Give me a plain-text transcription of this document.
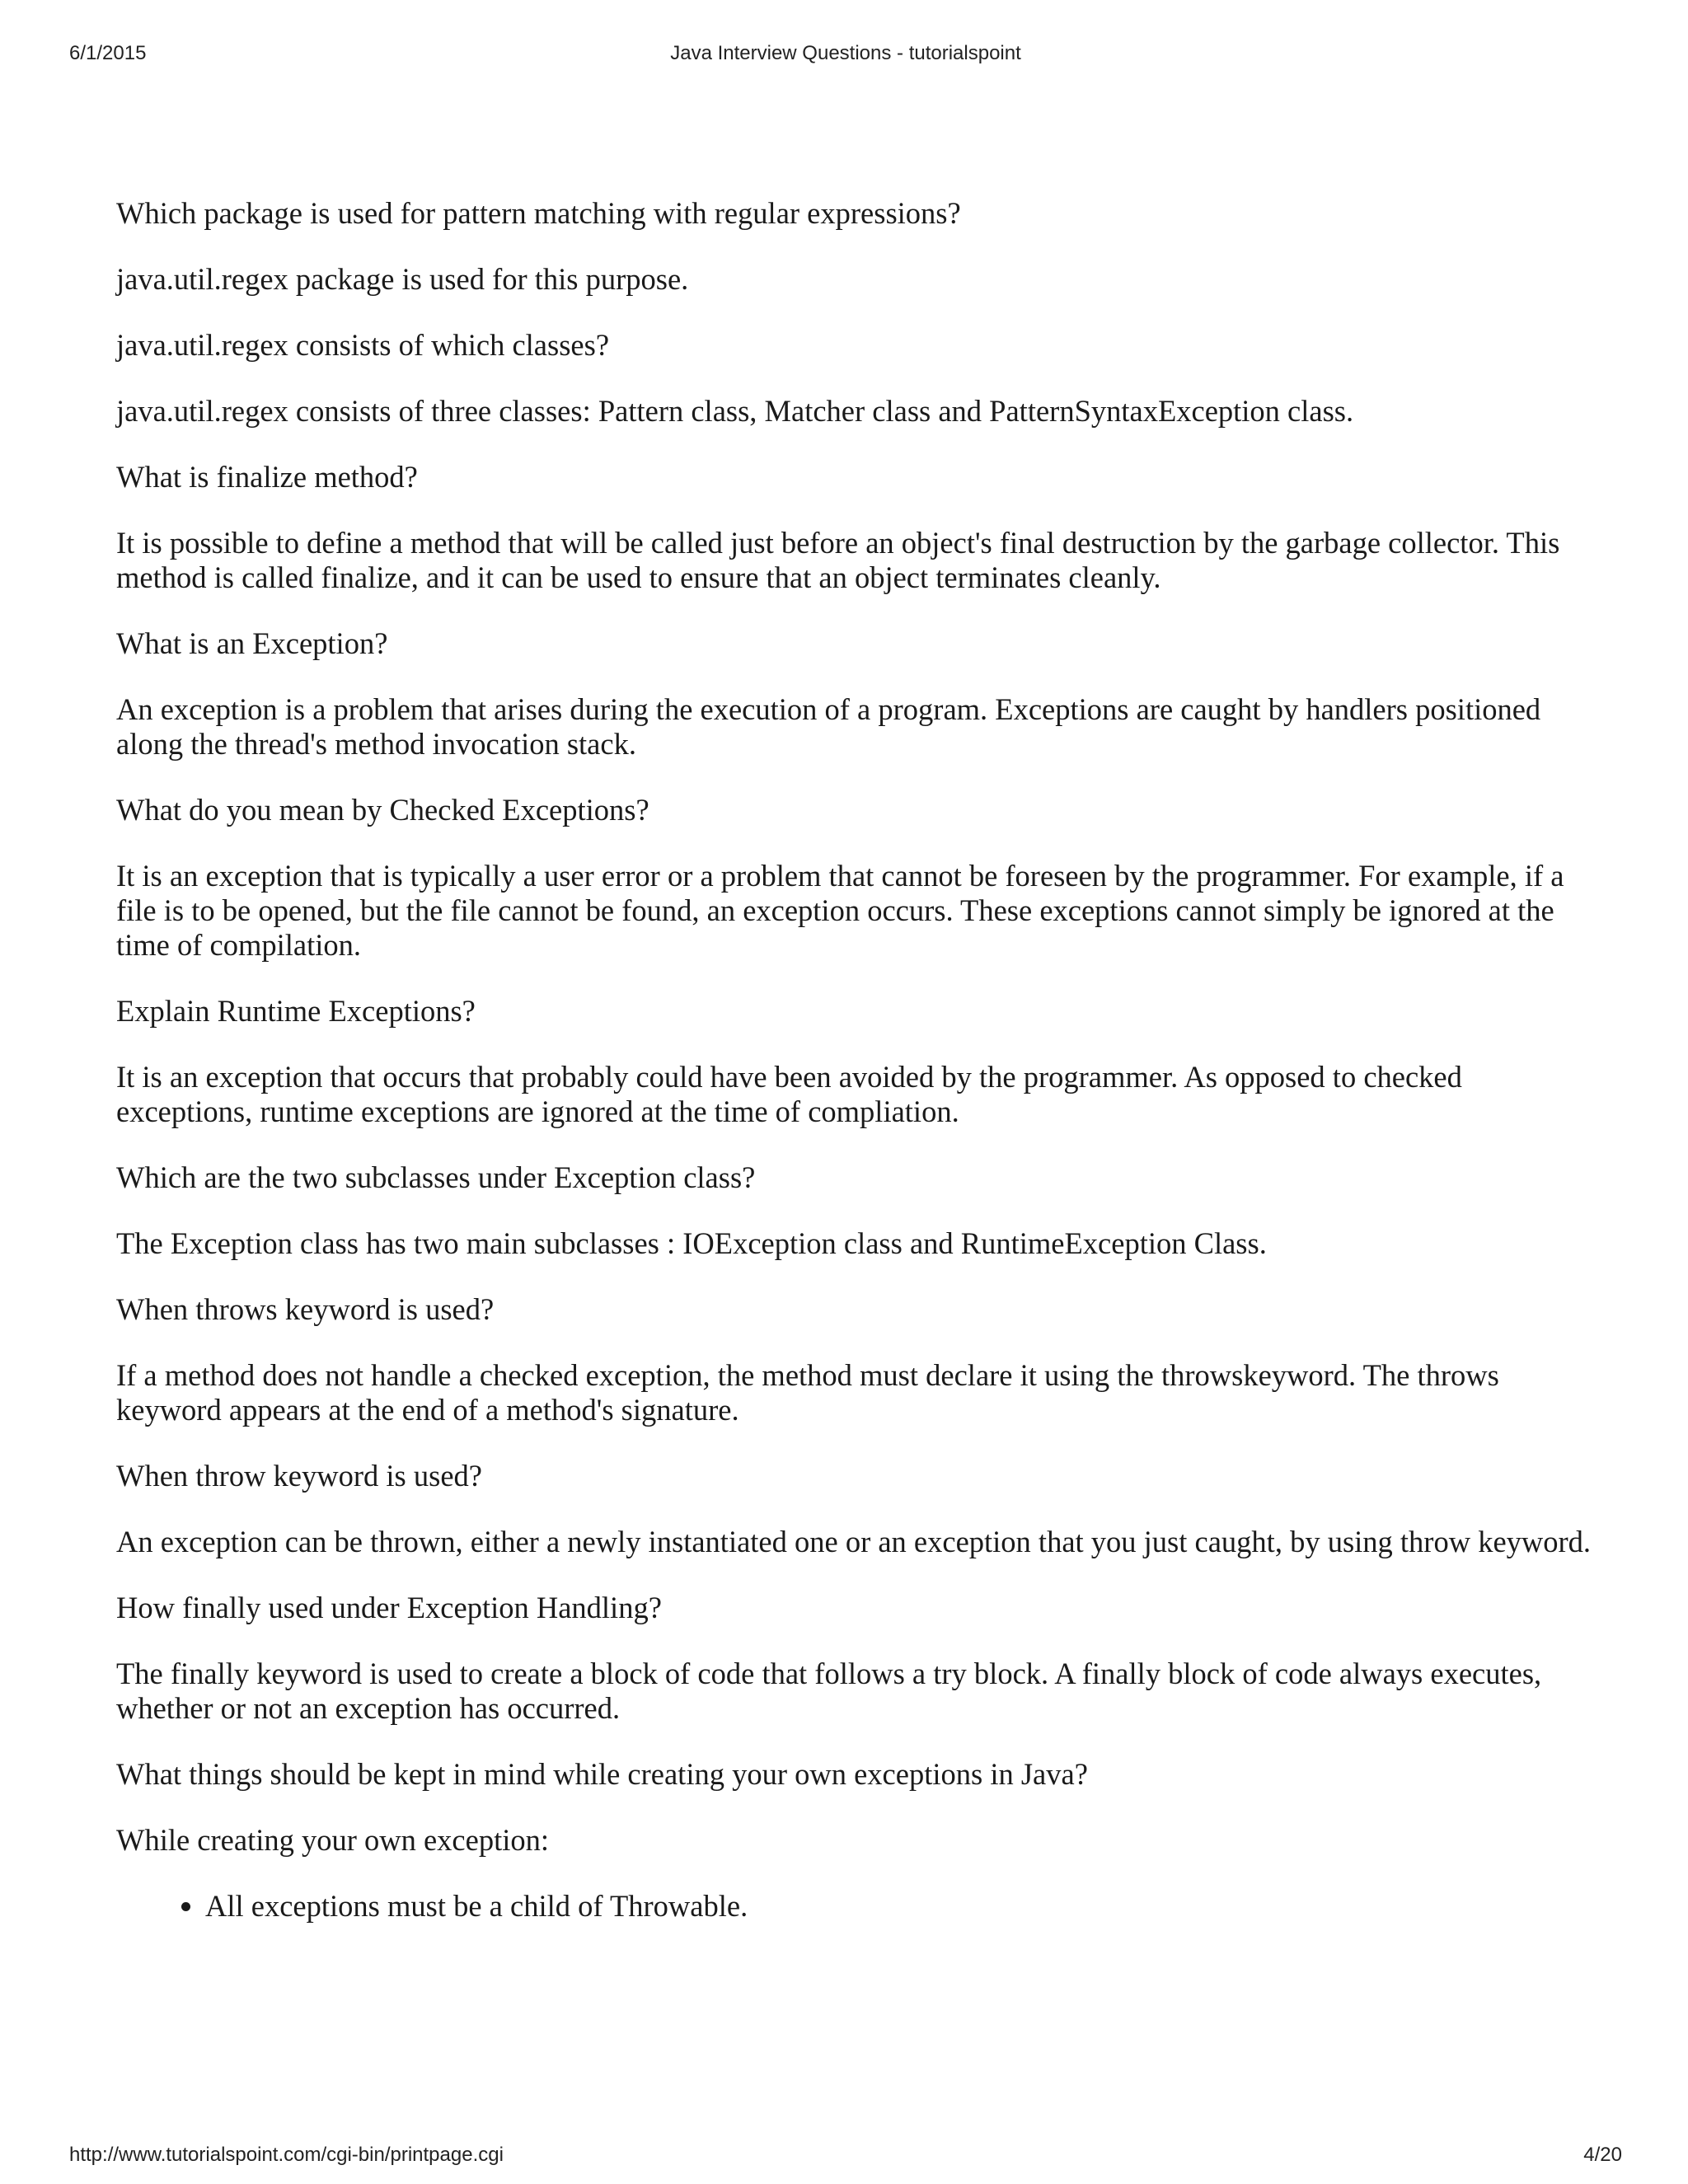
6/1/2015	Java Interview Questions - tutorialspoint

Which package is used for pattern matching with regular expressions?

java.util.regex package is used for this purpose.

java.util.regex consists of which classes?

java.util.regex consists of three classes: Pattern class, Matcher class and PatternSyntaxException class.

What is finalize method?

It is possible to define a method that will be called just before an object's final destruction by the garbage collector. This method is called finalize, and it can be used to ensure that an object terminates cleanly.

What is an Exception?

An exception is a problem that arises during the execution of a program. Exceptions are caught by handlers positioned along the thread's method invocation stack.

What do you mean by Checked Exceptions?

It is an exception that is typically a user error or a problem that cannot be foreseen by the programmer. For example, if a file is to be opened, but the file cannot be found, an exception occurs. These exceptions cannot simply be ignored at the time of compilation.

Explain Runtime Exceptions?

It is an exception that occurs that probably could have been avoided by the programmer. As opposed to checked exceptions, runtime exceptions are ignored at the time of compliation.

Which are the two subclasses under Exception class?

The Exception class has two main subclasses : IOException class and RuntimeException Class.

When throws keyword is used?

If a method does not handle a checked exception, the method must declare it using the throwskeyword. The throws keyword appears at the end of a method's signature.

When throw keyword is used?

An exception can be thrown, either a newly instantiated one or an exception that you just caught, by using throw keyword.

How finally used under Exception Handling?

The finally keyword is used to create a block of code that follows a try block. A finally block of code always executes, whether or not an exception has occurred.

What things should be kept in mind while creating your own exceptions in Java?

While creating your own exception:

• All exceptions must be a child of Throwable.
http://www.tutorialspoint.com/cgi-bin/printpage.cgi	4/20
